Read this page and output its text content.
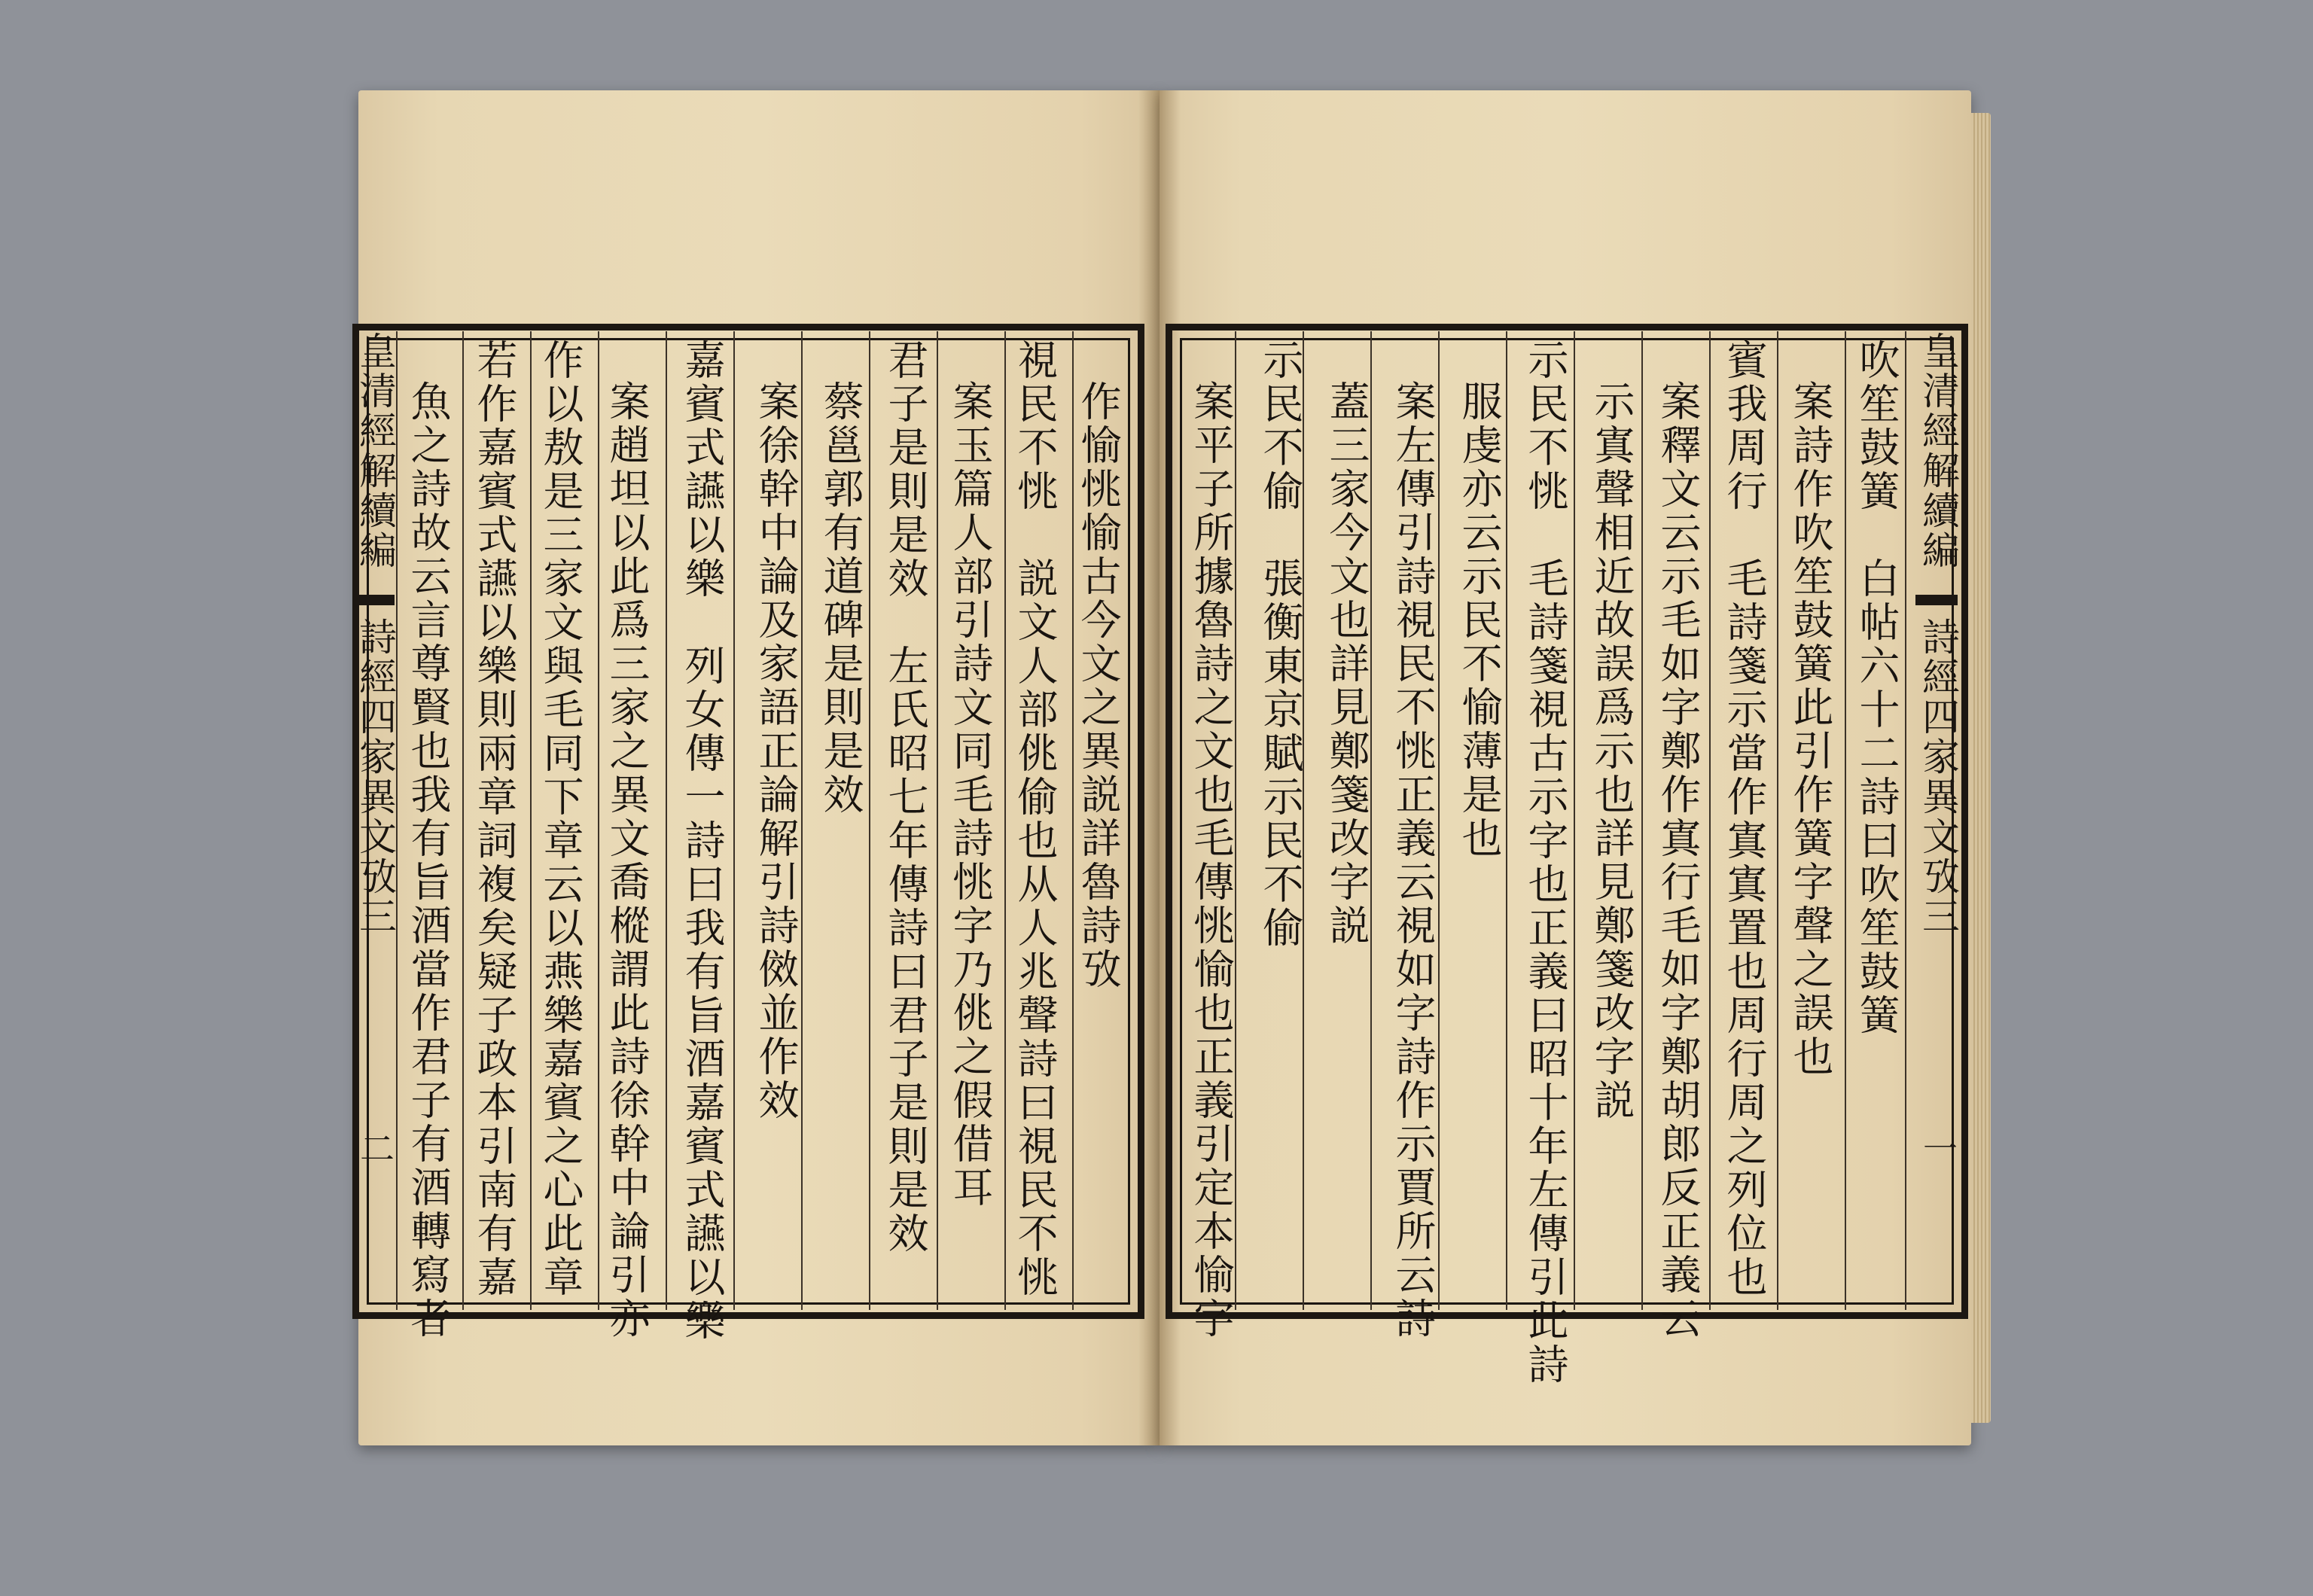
皇清經解續編
詩經四家異文攷三
二
作愉恌愉古今文之異説詳魯詩攷
視民不恌　説文人部佻偷也从人兆聲詩曰視民不恌
案玉篇人部引詩文同毛詩恌字乃佻之假借耳
君子是則是效　左氏昭七年傳詩曰君子是則是效
蔡邕郭有道碑是則是效
案徐幹中論及家語正論解引詩傚並作效
嘉賓式讌以樂　列女傳一詩曰我有旨酒嘉賓式讌以樂
案趙坦以此爲三家之異文喬樅謂此詩徐幹中論引亦
作以敖是三家文與毛同下章云以燕樂嘉賓之心此章
若作嘉賓式讌以樂則兩章詞複矣疑子政本引南有嘉
魚之詩故云言尊賢也我有旨酒當作君子有酒轉寫者	皇清經解續編
詩經四家異文攷三
一
吹笙鼓簧　白帖六十二詩曰吹笙鼓簧
案詩作吹笙鼓簧此引作簧字聲之誤也
賓我周行　毛詩箋示當作寘寘置也周行周之列位也
案釋文云示毛如字鄭作寘行毛如字鄭胡郎反正義云
示寘聲相近故誤爲示也詳見鄭箋改字説
示民不恌　毛詩箋視古示字也正義曰昭十年左傳引此詩
服虔亦云示民不愉薄是也
案左傳引詩視民不恌正義云視如字詩作示賈所云詩
蓋三家今文也詳見鄭箋改字説
示民不偷　張衡東京賦示民不偷
案平子所據魯詩之文也毛傳恌愉也正義引定本愉字
